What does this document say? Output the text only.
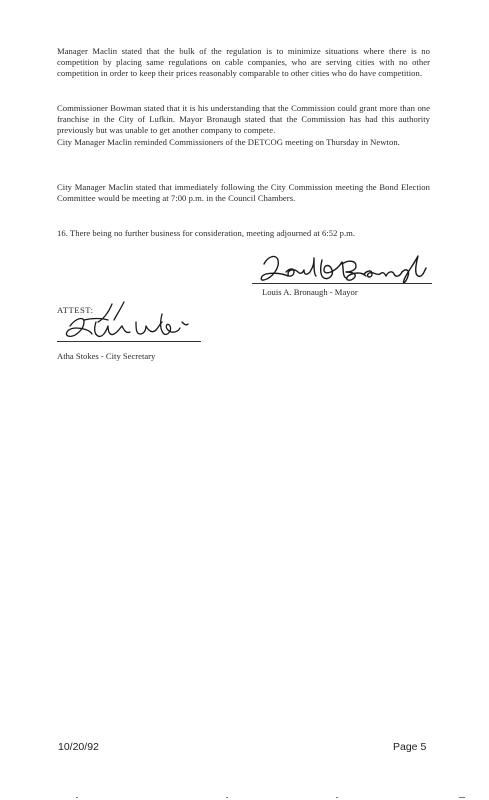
Manager Maclin stated that the bulk of the regulation is to minimize situations where there is no competition by placing same regulations on cable companies, who are serving cities with no other competition in order to keep their prices reasonably comparable to other cities who do have competition.

Commissioner Bowman stated that it is his understanding that the Commission could grant more than one franchise in the City of Lufkin. Mayor Bronaugh stated that the Commission has had this authority previously but was unable to get another company to compete.

City Manager Maclin reminded Commissioners of the DETCOG meeting on Thursday in Newton.

City Manager Maclin stated that immediately following the City Commission meeting the Bond Election Committee would be meeting at 7:00 p.m. in the Council Chambers.

16. There being no further business for consideration, meeting adjourned at 6:52 p.m.

Louis A. Bronaugh - Mayor
ATTEST:
Atha Stokes - City Secretary
10/20/92	Page 5
